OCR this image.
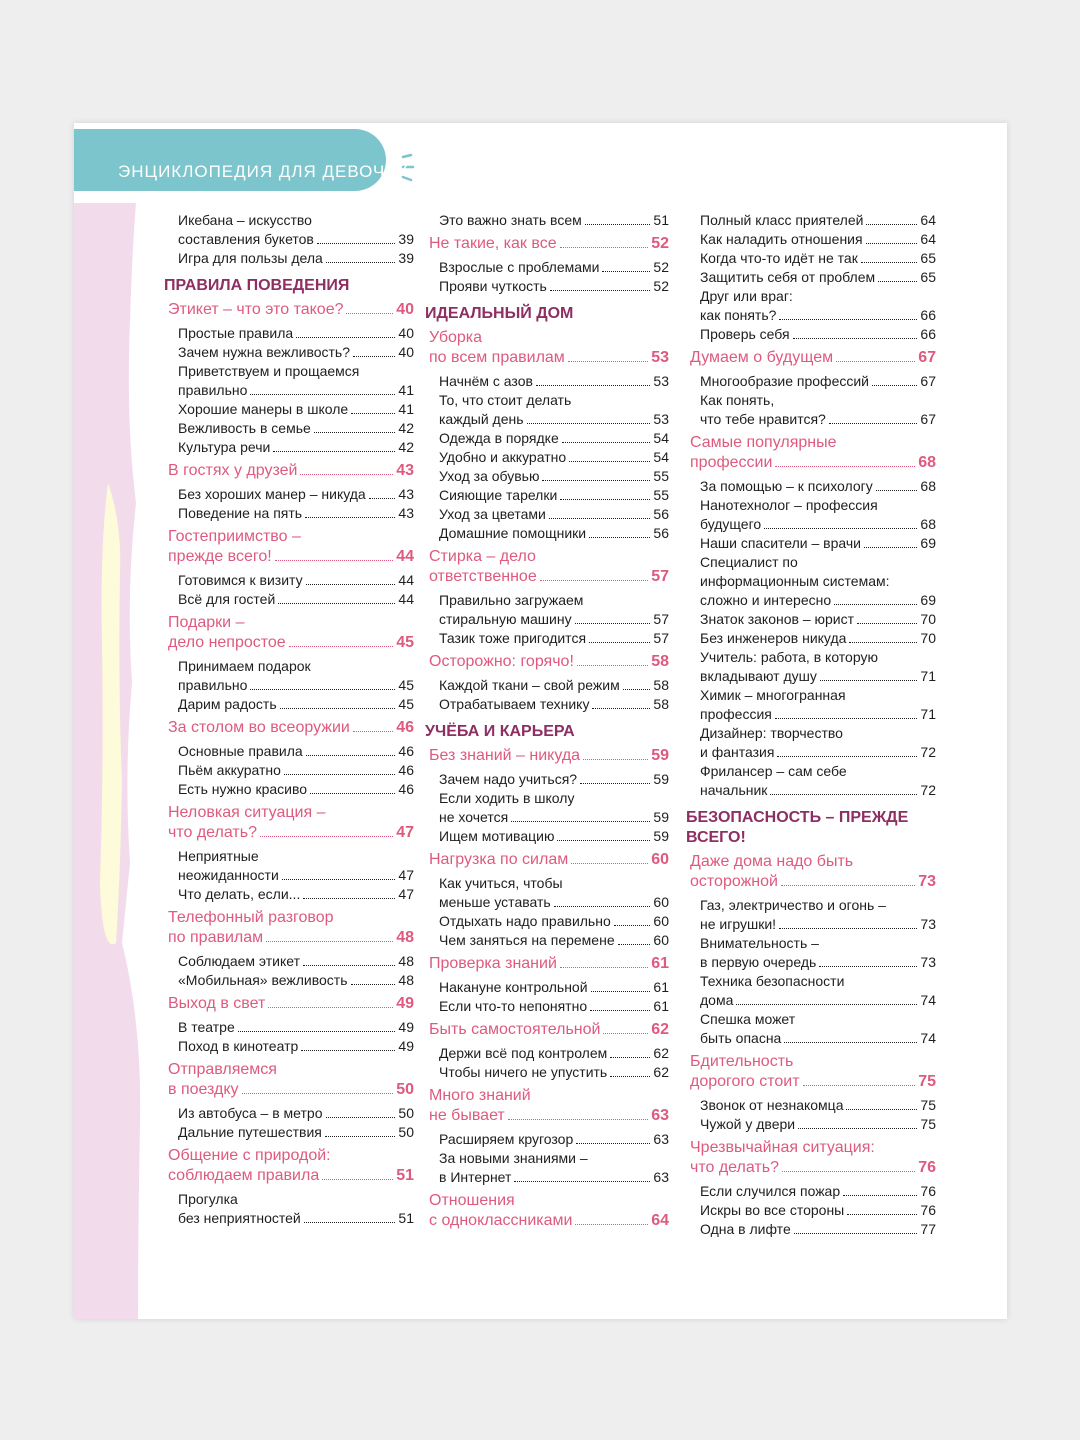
ЭНЦИКЛОПЕДИЯ ДЛЯ ДЕВОЧЕК
Икебана – искусство
составления букетов	39
Игра для пользы дела	39
ПРАВИЛА ПОВЕДЕНИЯ
Этикет – что это такое?	40
Простые правила	40
Зачем нужна вежливость?	40
Приветствуем и прощаемся
правильно	41
Хорошие манеры в школе	41
Вежливость в семье	42
Культура речи	42
В гостях у друзей	43
Без хороших манер – никуда 43
Поведение на пять	43
Гостеприимство –
прежде всего!	44
Готовимся к визиту	44
Всё для гостей	44
Подарки –
дело непростое	45
Принимаем подарок
правильно	45
Дарим радость	45
За столом во всеоружии	46
Основные правила	46
Пьём аккуратно	46
Есть нужно красиво	46
Неловкая ситуация –
что делать?	47
Неприятные
неожиданности	47
Что делать, если...	47
Телефонный разговор
по правилам	48
Соблюдаем этикет	48
«Мобильная» вежливость	48
Выход в свет	49
В театре	49
Поход в кинотеатр	49
Отправляемся
в поездку	50
Из автобуса – в метро	50
Дальние путешествия	50
Общение с природой:
соблюдаем правила	51
Прогулка
без неприятностей	51
Это важно знать всем	51
Не такие, как все	52
Взрослые с проблемами	52
Прояви чуткость	52
ИДЕАЛЬНЫЙ ДОМ
Уборка
по всем правилам	53
Начнём с азов	53
То, что стоит делать
каждый день	53
Одежда в порядке	54
Удобно и аккуратно	54
Уход за обувью	55
Сияющие тарелки	55
Уход за цветами	56
Домашние помощники	56
Стирка – дело
ответственное	57
Правильно загружаем
стиральную машину	57
Тазик тоже пригодится	57
Осторожно: горячо!	58
Каждой ткани – свой режим 58
Отрабатываем технику	58
УЧЁБА И КАРЬЕРА
Без знаний – никуда	59
Зачем надо учиться?	59
Если ходить в школу
не хочется	59
Ищем мотивацию	59
Нагрузка по силам	60
Как учиться, чтобы
меньше уставать	60
Отдыхать надо правильно	60
Чем заняться на перемене	60
Проверка знаний	61
Накануне контрольной	61
Если что-то непонятно	61
Быть самостоятельной	62
Держи всё под контролем	62
Чтобы ничего не упустить	62
Много знаний
не бывает	63
Расширяем кругозор	63
За новыми знаниями –
в Интернет	63
Отношения
с одноклассниками	64
Полный класс приятелей	64
Как наладить отношения	64
Когда что-то идёт не так	65
Защитить себя от проблем	65
Друг или враг:
как понять?	66
Проверь себя	66
Думаем о будущем	67
Многообразие профессий	67
Как понять,
что тебе нравится?	67
Самые популярные
профессии	68
За помощью – к психологу	68
Нанотехнолог – профессия
будущего	68
Наши спасители – врачи	69
Специалист по
информационным системам:
сложно и интересно	69
Знаток законов – юрист	70
Без инженеров никуда	70
Учитель: работа, в которую
вкладывают душу	71
Химик – многогранная
профессия	71
Дизайнер: творчество
и фантазия	72
Фрилансер – сам себе
начальник	72
БЕЗОПАСНОСТЬ – ПРЕЖДЕ
ВСЕГО!
Даже дома надо быть
осторожной	73
Газ, электричество и огонь –
не игрушки!	73
Внимательность –
в первую очередь	73
Техника безопасности
дома	74
Спешка может
быть опасна	74
Бдительность
дорогого стоит	75
Звонок от незнакомца	75
Чужой у двери	75
Чрезвычайная ситуация:
что делать?	76
Если случился пожар	76
Искры во все стороны	76
Одна в лифте	77
